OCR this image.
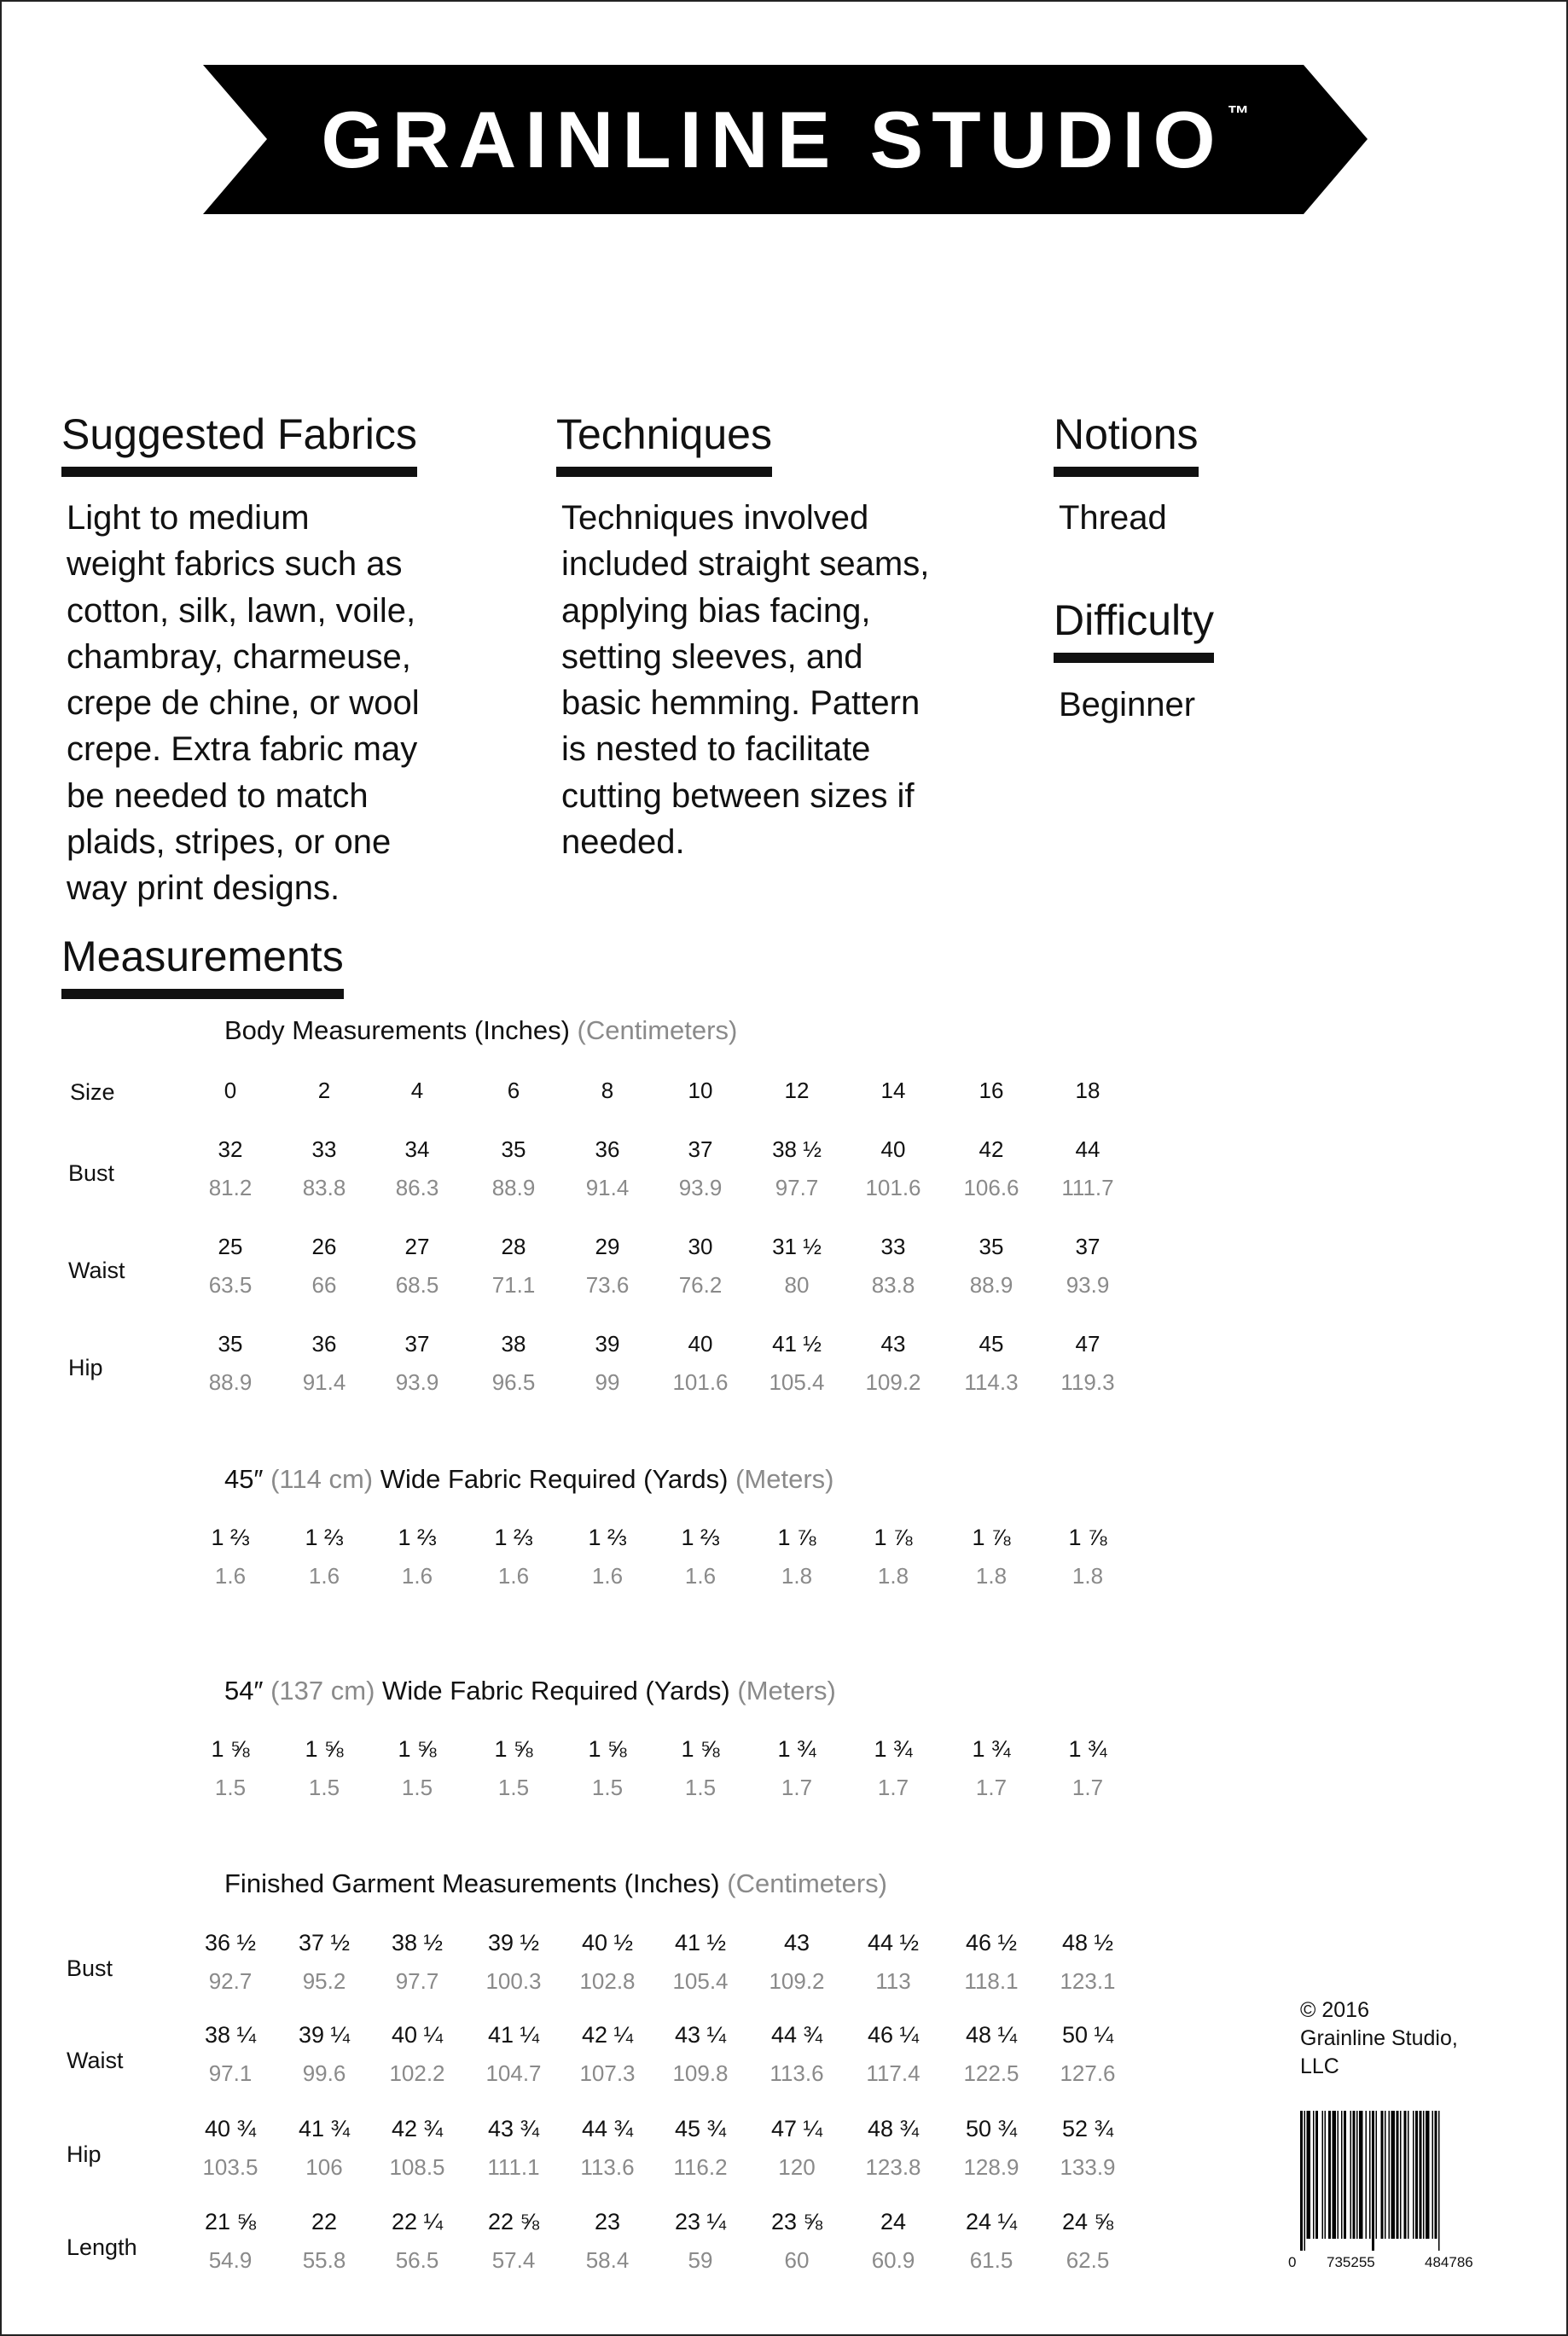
GRAINLINE STUDIO ™
Suggested Fabrics
Light to medium
weight fabrics such as
cotton, silk, lawn, voile,
chambray, charmeuse,
crepe de chine, or wool
crepe. Extra fabric may
be needed to match
plaids, stripes, or one
way print designs.
Techniques
Techniques involved
included straight seams,
applying bias facing,
setting sleeves, and
basic hemming. Pattern
is nested to facilitate
cutting between sizes if
needed.
Notions
Thread
Difficulty
Beginner
Measurements
Body Measurements (Inches) (Centimeters)
Size	0	2	4	6	8	10	12	14	16	18
Bust
32	33	34	35	36	37	38 ½	40	42	44
81.2	83.8	86.3	88.9	91.4	93.9	97.7	101.6	106.6	111.7
Waist
25	26	27	28	29	30	31 ½	33	35	37
63.5	66	68.5	71.1	73.6	76.2	80	83.8	88.9	93.9
Hip
35	36	37	38	39	40	41 ½	43	45	47
88.9	91.4	93.9	96.5	99	101.6	105.4	109.2	114.3	119.3
1 ⅔	1 ⅔	1 ⅔	1 ⅔	1 ⅔	1 ⅔	1 ⅞	1 ⅞	1 ⅞	1 ⅞
1.6	1.6	1.6	1.6	1.6	1.6	1.8	1.8	1.8	1.8
1 ⅝	1 ⅝	1 ⅝	1 ⅝	1 ⅝	1 ⅝	1 ¾	1 ¾	1 ¾	1 ¾
1.5	1.5	1.5	1.5	1.5	1.5	1.7	1.7	1.7	1.7
Bust
36 ½	37 ½	38 ½	39 ½	40 ½	41 ½	43	44 ½	46 ½	48 ½
92.7	95.2	97.7	100.3	102.8	105.4	109.2	113	118.1	123.1
Waist
38 ¼	39 ¼	40 ¼	41 ¼	42 ¼	43 ¼	44 ¾	46 ¼	48 ¼	50 ¼
97.1	99.6	102.2	104.7	107.3	109.8	113.6	117.4	122.5	127.6
Hip
40 ¾	41 ¾	42 ¾	43 ¾	44 ¾	45 ¾	47 ¼	48 ¾	50 ¾	52 ¾
103.5	106	108.5	111.1	113.6	116.2	120	123.8	128.9	133.9
Length
21 ⅝	22	22 ¼	22 ⅝	23	23 ¼	23 ⅝	24	24 ¼	24 ⅝
54.9	55.8	56.5	57.4	58.4	59	60	60.9	61.5	62.5
45″ (114 cm) Wide Fabric Required (Yards) (Meters)
54″ (137 cm) Wide Fabric Required (Yards) (Meters)
Finished Garment Measurements (Inches) (Centimeters)
© 2016
Grainline Studio,
LLC
0 735255	484786
